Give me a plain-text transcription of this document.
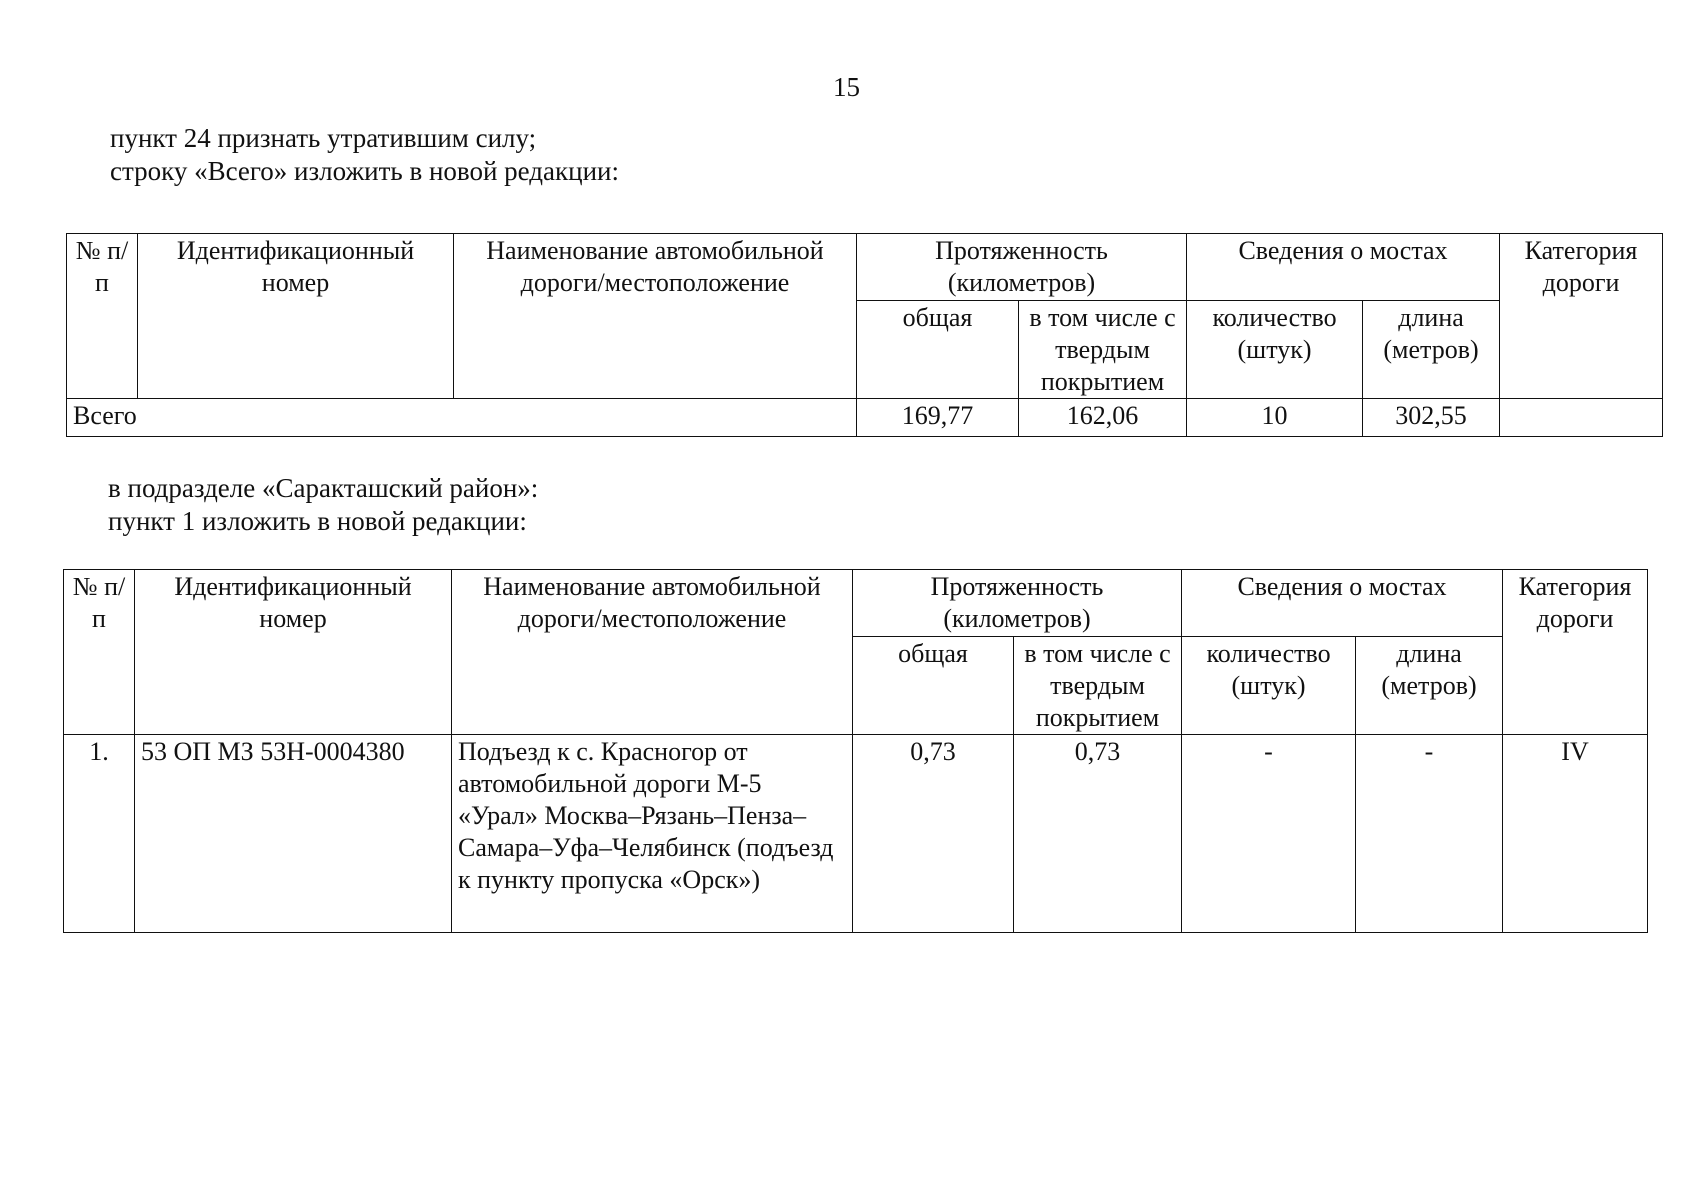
15
пункт 24 признать утратившим силу;
строку «Всего» изложить в новой редакции:
№ п/п	Идентификационный номер	Наименование автомобильной дороги/местоположение	Протяженность (километров)		Сведения о мостах		Категория дороги
			общая	в том числе с твердым покрытием	количество (штук)	длина (метров)	
Всего			169,77	162,06	10	302,55	
в подразделе «Саракташский район»:
пункт 1 изложить в новой редакции:
№ п/п	Идентификационный номер	Наименование автомобильной дороги/местоположение	Протяженность (километров)		Сведения о мостах		Категория дороги
			общая	в том числе с твердым покрытием	количество (штук)	длина (метров)	
1.	53 ОП МЗ 53Н-0004380	Подъезд к с. Красногор от автомобильной дороги М-5 «Урал» Москва–Рязань–Пенза–Самара–Уфа–Челябинск (подъезд к пункту пропуска «Орск»)	0,73	0,73	-	-	IV
